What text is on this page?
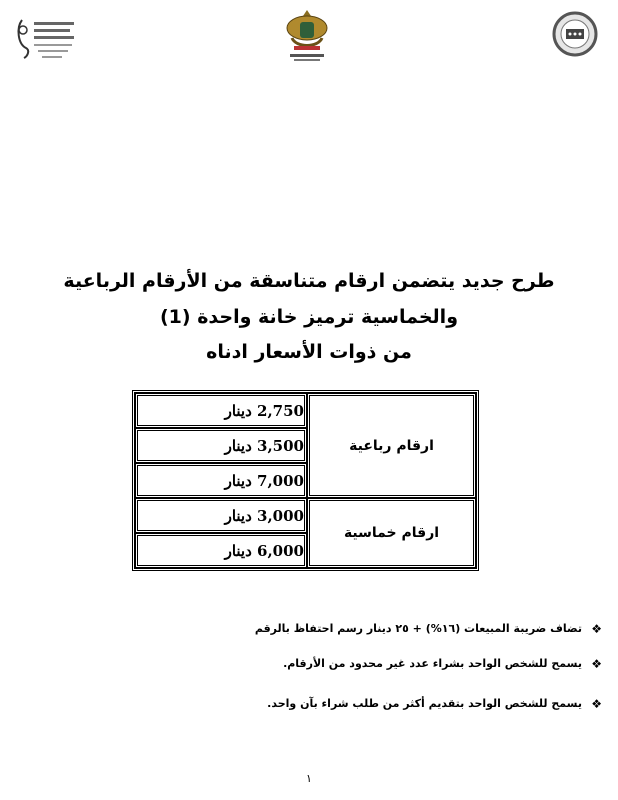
طرح جديد يتضمن ارقام متناسقة من الأرقام الرباعية
والخماسية ترميز خانة واحدة (1)
من ذوات الأسعار ادناه
ارقام رباعية
ارقام خماسية
2,750 دينار
3,500 دينار
7,000 دينار
3,000 دينار
6,000 دينار
❖
تضاف ضريبة المبيعات (١٦%) + ٢٥ دينار رسم احتفاظ بالرقم
❖
يسمح للشخص الواحد بشراء عدد غير محدود من الأرقام.
❖
يسمح للشخص الواحد بتقديم أكثر من طلب شراء بآن واحد.
١
